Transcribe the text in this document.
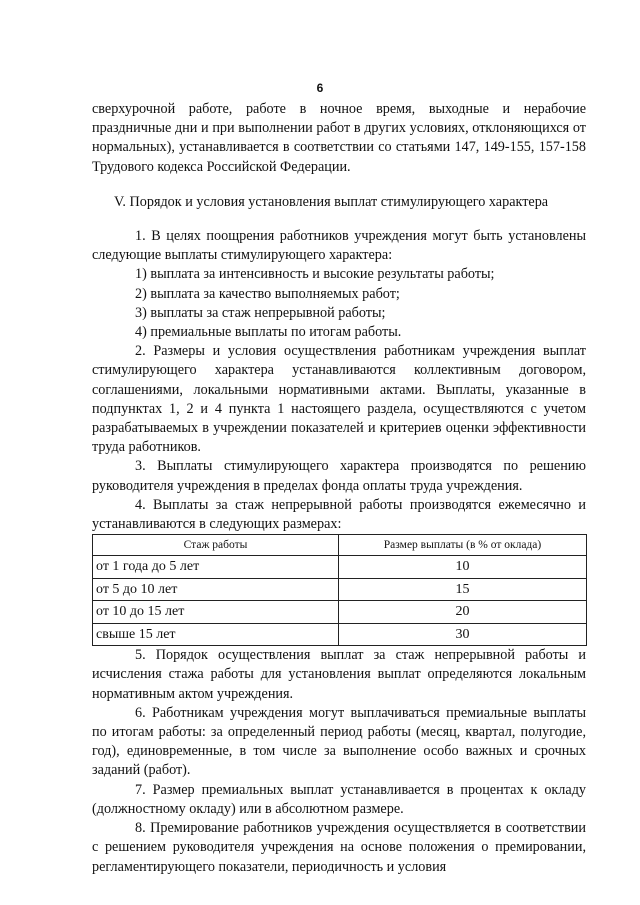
6

сверхурочной работе, работе в ночное время, выходные и нерабочие праздничные дни и при выполнении работ в других условиях, отклоняющихся от нормальных), устанавливается в соответствии со статьями 147, 149-155, 157-158 Трудового кодекса Российской Федерации.

V. Порядок и условия установления выплат стимулирующего характера

1. В целях поощрения работников учреждения могут быть установлены следующие выплаты стимулирующего характера:

1) выплата за интенсивность и высокие результаты работы;

2) выплата за качество выполняемых работ;

3) выплаты за стаж непрерывной работы;

4) премиальные выплаты по итогам работы.

2. Размеры и условия осуществления работникам учреждения выплат стимулирующего характера устанавливаются коллективным договором, соглашениями, локальными нормативными актами. Выплаты, указанные в подпунктах 1, 2 и 4 пункта 1 настоящего раздела, осуществляются с учетом разрабатываемых в учреждении показателей и критериев оценки эффективности труда работников.

3. Выплаты стимулирующего характера производятся по решению руководителя учреждения в пределах фонда оплаты труда учреждения.

4. Выплаты за стаж непрерывной работы производятся ежемесячно и устанавливаются в следующих размерах:

Стаж работы	Размер выплаты (в % от оклада)
от 1 года до 5 лет	10
от 5 до 10 лет	15
от 10 до 15 лет	20
свыше 15 лет	30

5. Порядок осуществления выплат за стаж непрерывной работы и исчисления стажа работы для установления выплат определяются локальным нормативным актом учреждения.

6. Работникам учреждения могут выплачиваться премиальные выплаты по итогам работы: за определенный период работы (месяц, квартал, полугодие, год), единовременные, в том числе за выполнение особо важных и срочных заданий (работ).

7. Размер премиальных выплат устанавливается в процентах к окладу (должностному окладу) или в абсолютном размере.

8. Премирование работников учреждения осуществляется в соответствии с решением руководителя учреждения на основе положения о премировании, регламентирующего показатели, периодичность и условия
